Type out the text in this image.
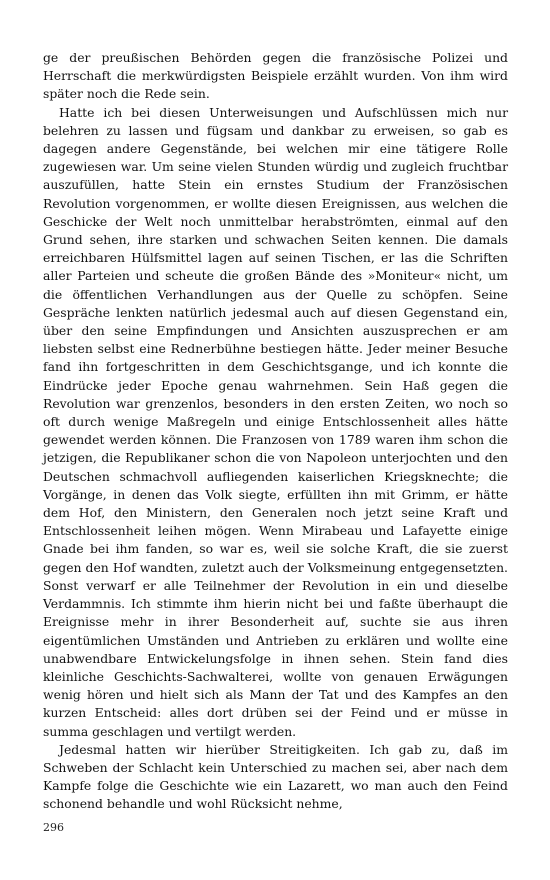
ge der preußischen Behörden gegen die französische Polizei und Herrschaft die merkwürdigsten Beispiele erzählt wurden. Von ihm wird später noch die Rede sein.

Hatte ich bei diesen Unterweisungen und Aufschlüssen mich nur belehren zu lassen und fügsam und dankbar zu erweisen, so gab es dagegen andere Gegenstände, bei welchen mir eine tätigere Rolle zugewiesen war. Um seine vielen Stunden würdig und zugleich fruchtbar auszufüllen, hatte Stein ein ernstes Studium der Französischen Revolution vorgenommen, er wollte diesen Ereignissen, aus welchen die Geschicke der Welt noch unmittelbar herabströmten, einmal auf den Grund sehen, ihre starken und schwachen Seiten kennen. Die damals erreichbaren Hülfsmittel lagen auf seinen Tischen, er las die Schriften aller Parteien und scheute die großen Bände des »Moniteur« nicht, um die öffentlichen Verhandlungen aus der Quelle zu schöpfen. Seine Gespräche lenkten natürlich jedesmal auch auf diesen Gegenstand ein, über den seine Empfindungen und Ansichten auszusprechen er am liebsten selbst eine Rednerbühne bestiegen hätte. Jeder meiner Besuche fand ihn fortgeschritten in dem Geschichtsgange, und ich konnte die Eindrücke jeder Epoche genau wahrnehmen. Sein Haß gegen die Revolution war grenzenlos, besonders in den ersten Zeiten, wo noch so oft durch wenige Maßregeln und einige Entschlossenheit alles hätte gewendet werden können. Die Franzosen von 1789 waren ihm schon die jetzigen, die Republikaner schon die von Napoleon unterjochten und den Deutschen schmachvoll aufliegenden kaiserlichen Kriegsknechte; die Vorgänge, in denen das Volk siegte, erfüllten ihn mit Grimm, er hätte dem Hof, den Ministern, den Generalen noch jetzt seine Kraft und Entschlossenheit leihen mögen. Wenn Mirabeau und Lafayette einige Gnade bei ihm fanden, so war es, weil sie solche Kraft, die sie zuerst gegen den Hof wandten, zuletzt auch der Volksmeinung entgegensetzten. Sonst verwarf er alle Teilnehmer der Revolution in ein und dieselbe Verdammnis. Ich stimmte ihm hierin nicht bei und faßte überhaupt die Ereignisse mehr in ihrer Besonderheit auf, suchte sie aus ihren eigentümlichen Umständen und Antrieben zu erklären und wollte eine unabwendbare Entwickelungsfolge in ihnen sehen. Stein fand dies kleinliche Geschichts-Sachwalterei, wollte von genauen Erwägungen wenig hören und hielt sich als Mann der Tat und des Kampfes an den kurzen Entscheid: alles dort drüben sei der Feind und er müsse in summa geschlagen und vertilgt werden.

Jedesmal hatten wir hierüber Streitigkeiten. Ich gab zu, daß im Schweben der Schlacht kein Unterschied zu machen sei, aber nach dem Kampfe folge die Geschichte wie ein Lazarett, wo man auch den Feind schonend behandle und wohl Rücksicht nehme,

296
